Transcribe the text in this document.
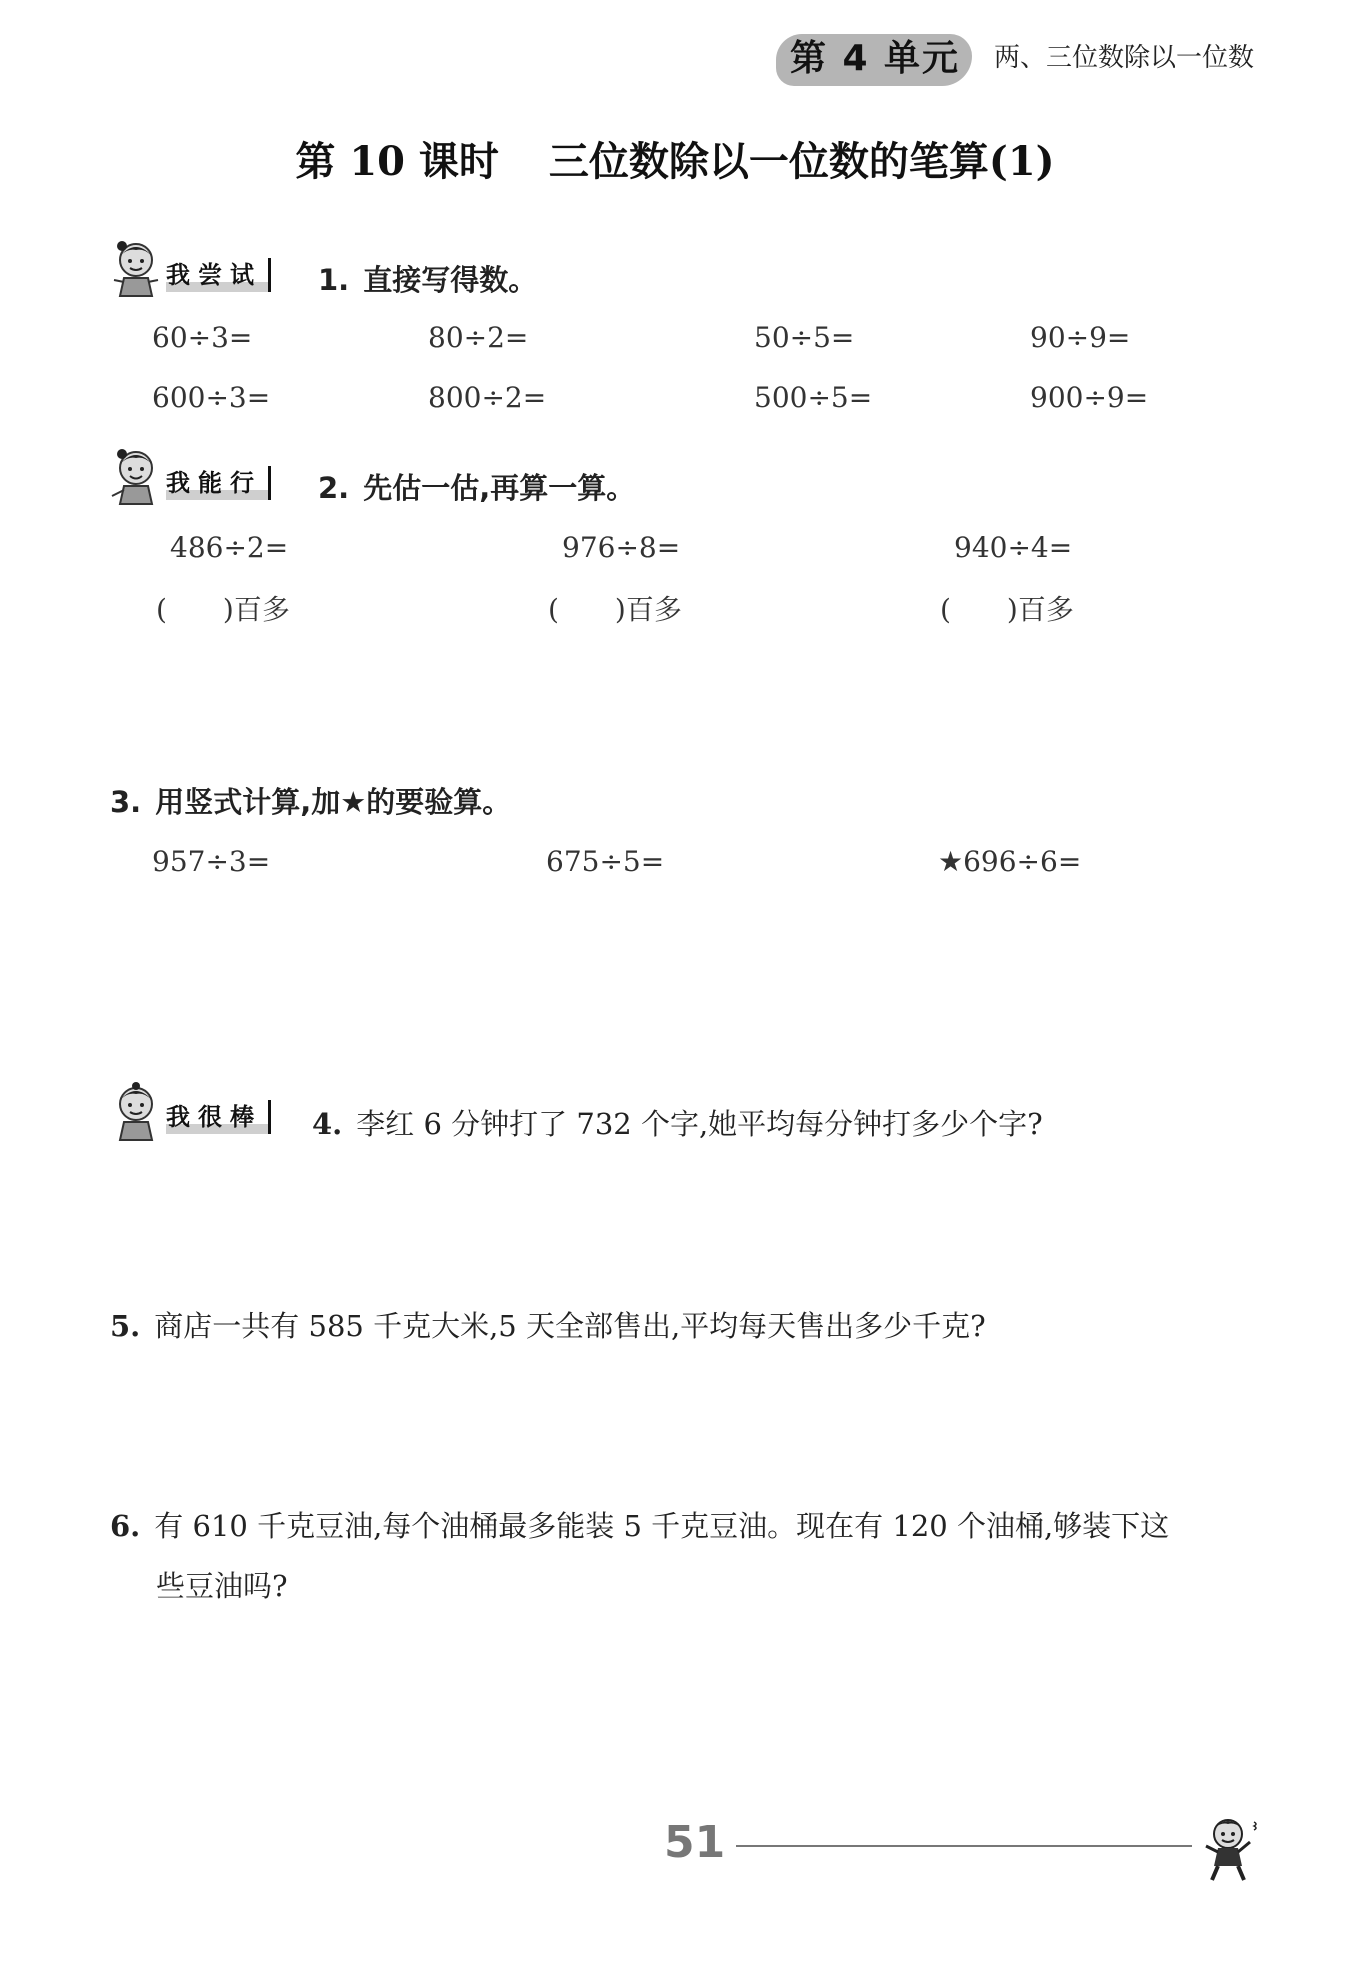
第 4 单元	两、三位数除以一位数
第 10 课时 三位数除以一位数的笔算(1)
我尝试	1. 直接写得数。
60÷3=	80÷2=	50÷5=	90÷9=
600÷3=	800÷2=	500÷5=	900÷9=
我能行	2. 先估一估,再算一算。
486÷2=	976÷8=	940÷4=
(　　)百多	(　　)百多	(　　)百多
3. 用竖式计算,加★的要验算。
957÷3=	675÷5=	★696÷6=
我很棒	4. 李红 6 分钟打了 732 个字,她平均每分钟打多少个字?
5. 商店一共有 585 千克大米,5 天全部售出,平均每天售出多少千克?
6. 有 610 千克豆油,每个油桶最多能装 5 千克豆油。现在有 120 个油桶,够装下这
些豆油吗?
51
